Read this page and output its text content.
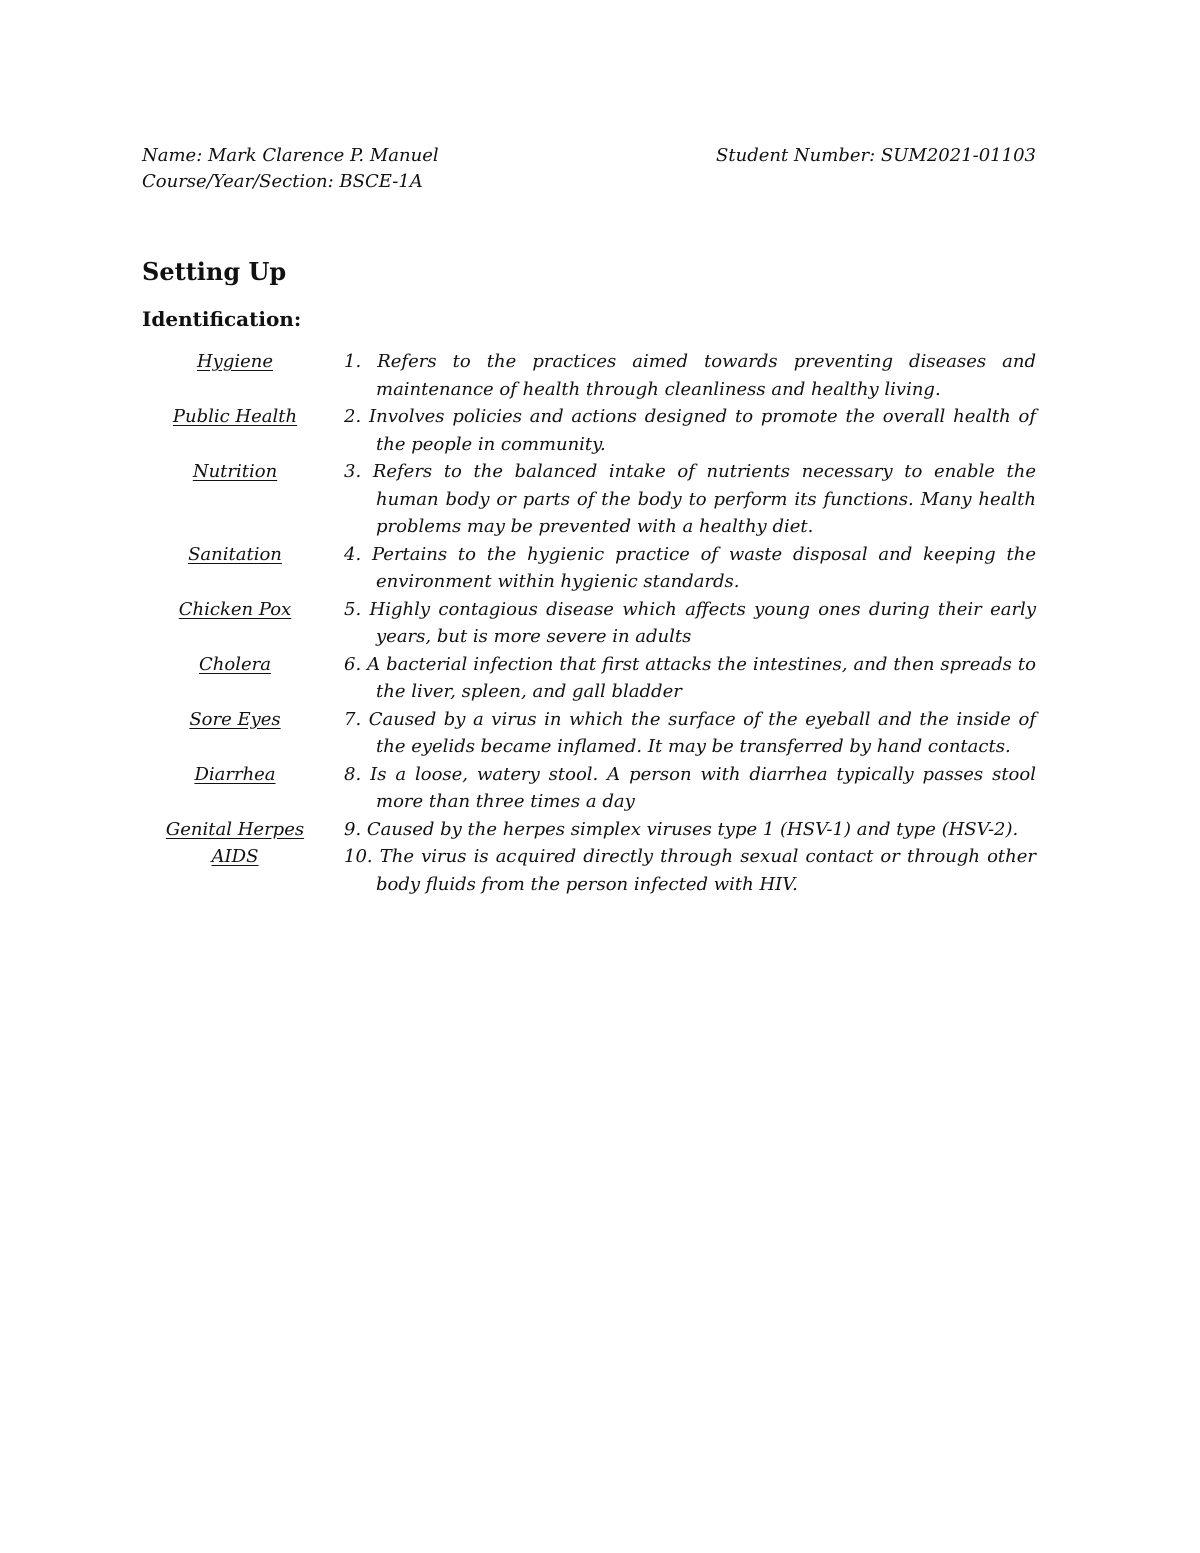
Name: Mark Clarence P. Manuel	Student Number: SUM2021-01103
Course/Year/Section: BSCE-1A
Setting Up
Identification:
Hygiene	1. Refers to the practices aimed towards preventing diseases and maintenance of health through cleanliness and healthy living.
Public Health	2. Involves policies and actions designed to promote the overall health of the people in community.
Nutrition	3. Refers to the balanced intake of nutrients necessary to enable the human body or parts of the body to perform its functions. Many health problems may be prevented with a healthy diet.
Sanitation	4. Pertains to the hygienic practice of waste disposal and keeping the environment within hygienic standards.
Chicken Pox	5. Highly contagious disease which affects young ones during their early years, but is more severe in adults
Cholera	6. A bacterial infection that first attacks the intestines, and then spreads to the liver, spleen, and gall bladder
Sore Eyes	7. Caused by a virus in which the surface of the eyeball and the inside of the eyelids became inflamed. It may be transferred by hand contacts.
Diarrhea	8. Is a loose, watery stool. A person with diarrhea typically passes stool more than three times a day
Genital Herpes	9. Caused by the herpes simplex viruses type 1 (HSV-1) and type (HSV-2).
AIDS	10. The virus is acquired directly through sexual contact or through other body fluids from the person infected with HIV.
